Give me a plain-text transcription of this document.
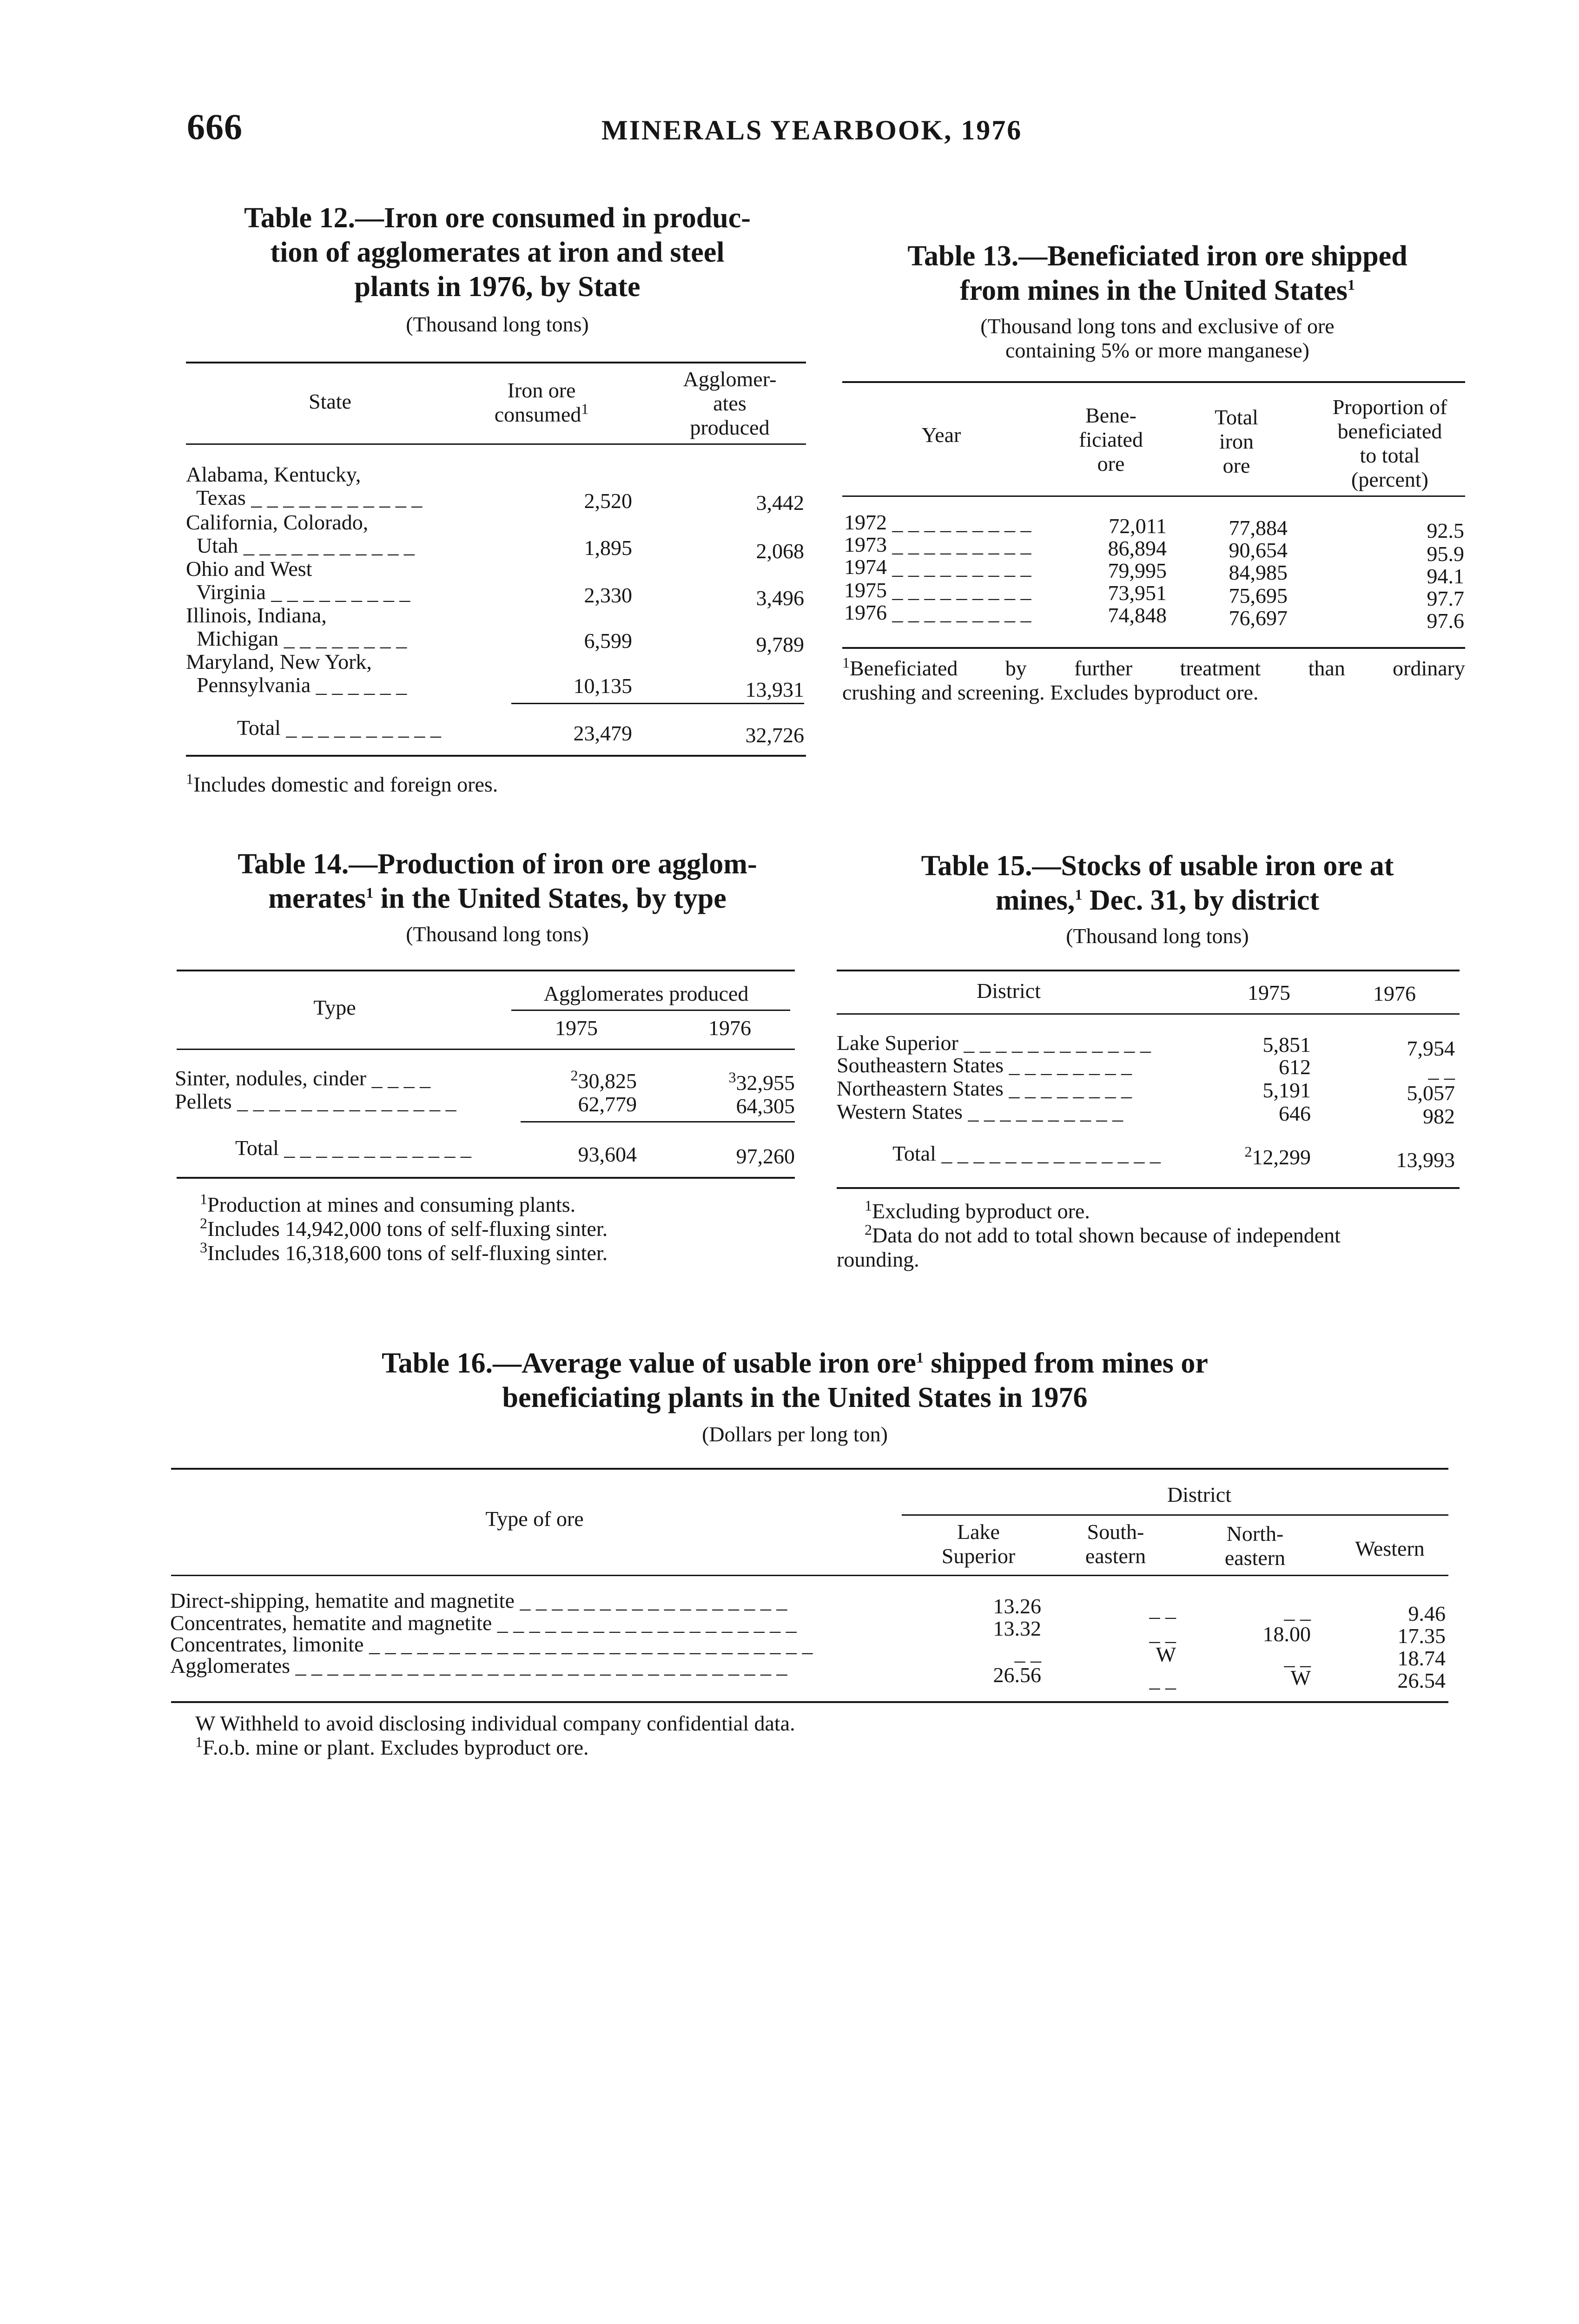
666	MINERALS YEARBOOK, 1976
Table 12.—Iron ore consumed in produc-
tion of agglomerates at iron and steel
plants in 1976, by State
(Thousand long tons)
State	Iron ore
consumed$^1$
Agglomer-
ates
produced
Alabama, Kentucky,
Texas _ _ _ _ _ _ _ _ _ _ _	2,520	3,442
California, Colorado,
Utah _ _ _ _ _ _ _ _ _ _ _	1,895	2,068
Ohio and West
Virginia _ _ _ _ _ _ _ _ _	2,330	3,496
Illinois, Indiana,
Michigan _ _ _ _ _ _ _ _	6,599	9,789
Maryland, New York,
Pennsylvania _ _ _ _ _ _	10,135	13,931
Total _ _ _ _ _ _ _ _ _ _	23,479	32,726
$^1$Includes domestic and foreign ores.
Table 13.—Beneficiated iron ore shipped
from mines in the United States$^1$
(Thousand long tons and exclusive of ore
containing 5% or more manganese)
Year
Bene-
ficiated
ore
Total
iron
ore
Proportion of
beneficiated
to total
(percent)
1972 _ _ _ _ _ _ _ _ _	72,011	77,884	92.5
1973 _ _ _ _ _ _ _ _ _	86,894	90,654	95.9
1974 _ _ _ _ _ _ _ _ _	79,995	84,985	94.1
1975 _ _ _ _ _ _ _ _ _	73,951	75,695	97.7
1976 _ _ _ _ _ _ _ _ _	74,848	76,697	97.6
$^1$Beneficiated by further treatment than ordinary
crushing and screening. Excludes byproduct ore.
Table 14.—Production of iron ore agglom-
merates$^1$ in the United States, by type
(Thousand long tons)
Type
Agglomerates produced
1975	1976
Sinter, nodules, cinder _ _ _ _	$^2$30,825	$^3$32,955
Pellets _ _ _ _ _ _ _ _ _ _ _ _ _ _	62,779	64,305
Total _ _ _ _ _ _ _ _ _ _ _ _	93,604	97,260
$^1$Production at mines and consuming plants.
$^2$Includes 14,942,000 tons of self-fluxing sinter.
$^3$Includes 16,318,600 tons of self-fluxing sinter.
Table 15.—Stocks of usable iron ore at
mines,$^1$ Dec. 31, by district
(Thousand long tons)
District	1975	1976
Lake Superior _ _ _ _ _ _ _ _ _ _ _ _	5,851	7,954
Southeastern States _ _ _ _ _ _ _ _	612	_ _
Northeastern States _ _ _ _ _ _ _ _	5,191	5,057
Western States _ _ _ _ _ _ _ _ _ _	646	982
Total _ _ _ _ _ _ _ _ _ _ _ _ _ _	$^2$12,299	13,993
$^1$Excluding byproduct ore.
$^2$Data do not add to total shown because of independent
rounding.
Table 16.—Average value of usable iron ore$^1$ shipped from mines or
beneficiating plants in the United States in 1976
(Dollars per long ton)
Type of ore
District
Lake
Superior
South-
eastern
North-
eastern	Western
Direct-shipping, hematite and magnetite _ _ _ _ _ _ _ _ _ _ _ _ _ _ _ _ _	13.26	_ _	_ _	9.46
Concentrates, hematite and magnetite _ _ _ _ _ _ _ _ _ _ _ _ _ _ _ _ _ _ _	13.32	_ _	18.00	17.35
Concentrates, limonite _ _ _ _ _ _ _ _ _ _ _ _ _ _ _ _ _ _ _ _ _ _ _ _ _ _ _ _	_ _	W	_ _	18.74
Agglomerates _ _ _ _ _ _ _ _ _ _ _ _ _ _ _ _ _ _ _ _ _ _ _ _ _ _ _ _ _ _ _	26.56	_ _	W	26.54
W Withheld to avoid disclosing individual company confidential data.
$^1$F.o.b. mine or plant. Excludes byproduct ore.
